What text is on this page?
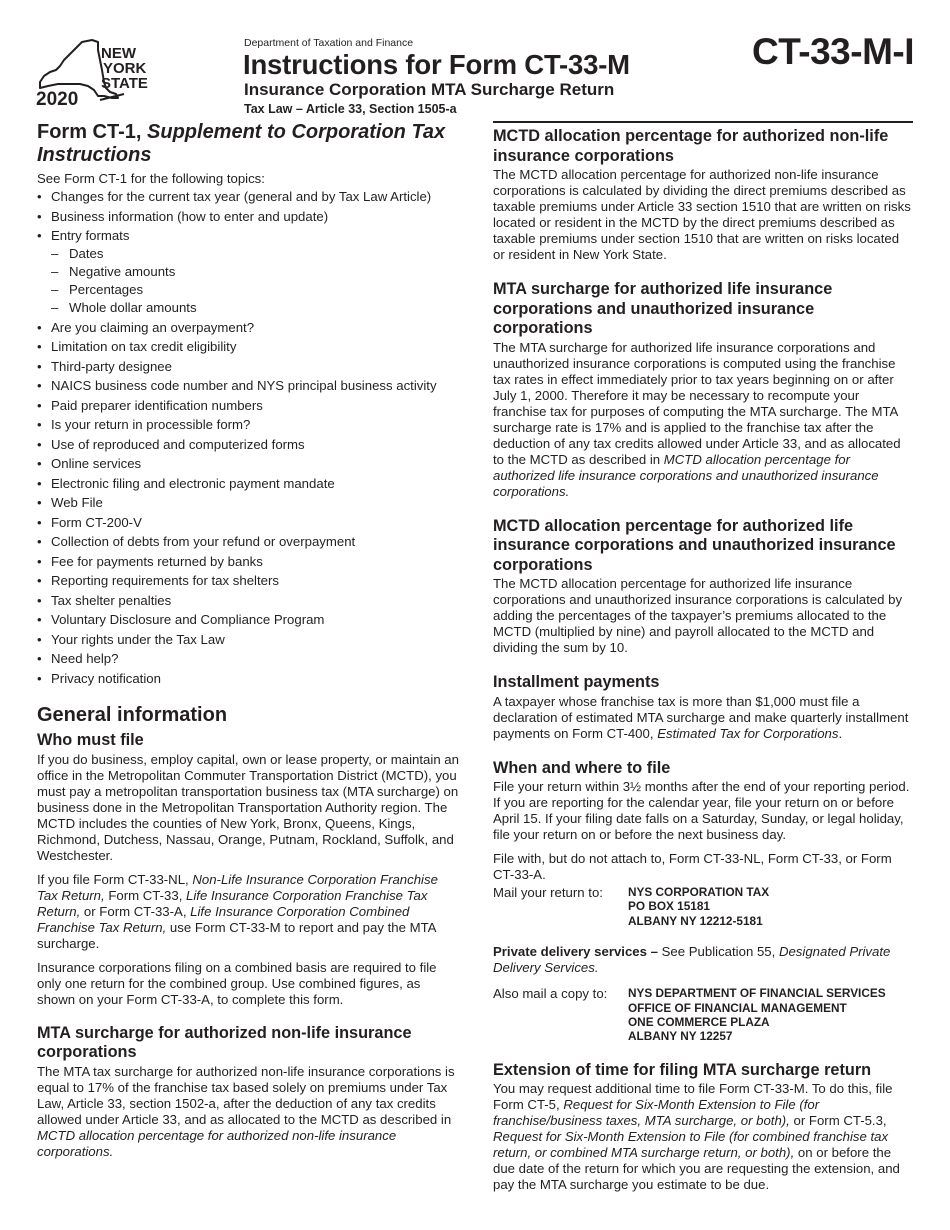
NEW
YORK
STATE
2020
Department of Taxation and Finance
Instructions for Form CT-33-M
Insurance Corporation MTA Surcharge Return
Tax Law – Article 33, Section 1505-a
CT-33-M-I
Form CT-1, Supplement to Corporation Tax Instructions

See Form CT-1 for the following topics:

• Changes for the current tax year (general and by Tax Law Article)
• Business information (how to enter and update)
• Entry formats
– Dates
– Negative amounts
– Percentages
– Whole dollar amounts
• Are you claiming an overpayment?
• Limitation on tax credit eligibility
• Third-party designee
• NAICS business code number and NYS principal business activity
• Paid preparer identification numbers
• Is your return in processible form?
• Use of reproduced and computerized forms
• Online services
• Electronic filing and electronic payment mandate
• Web File
• Form CT-200-V
• Collection of debts from your refund or overpayment
• Fee for payments returned by banks
• Reporting requirements for tax shelters
• Tax shelter penalties
• Voluntary Disclosure and Compliance Program
• Your rights under the Tax Law
• Need help?
• Privacy notification
General information
Who must file

If you do business, employ capital, own or lease property, or maintain an office in the Metropolitan Commuter Transportation District (MCTD), you must pay a metropolitan transportation business tax (MTA surcharge) on business done in the Metropolitan Transportation Authority region. The MCTD includes the counties of New York, Bronx, Queens, Kings, Richmond, Dutchess, Nassau, Orange, Putnam, Rockland, Suffolk, and Westchester.

If you file Form CT-33-NL, Non-Life Insurance Corporation Franchise Tax Return, Form CT-33, Life Insurance Corporation Franchise Tax Return, or Form CT-33-A, Life Insurance Corporation Combined Franchise Tax Return, use Form CT-33-M to report and pay the MTA surcharge.

Insurance corporations filing on a combined basis are required to file only one return for the combined group. Use combined figures, as shown on your Form CT-33-A, to complete this form.

MTA surcharge for authorized non-life insurance corporations

The MTA tax surcharge for authorized non-life insurance corporations is equal to 17% of the franchise tax based solely on premiums under Tax Law, Article 33, section 1502-a, after the deduction of any tax credits allowed under Article 33, and as allocated to the MCTD as described in MCTD allocation percentage for authorized non-life insurance corporations.

MCTD allocation percentage for authorized non-life insurance corporations

The MCTD allocation percentage for authorized non-life insurance corporations is calculated by dividing the direct premiums described as taxable premiums under Article 33 section 1510 that are written on risks located or resident in the MCTD by the direct premiums described as taxable premiums under section 1510 that are written on risks located or resident in New York State.

MTA surcharge for authorized life insurance corporations and unauthorized insurance corporations

The MTA surcharge for authorized life insurance corporations and unauthorized insurance corporations is computed using the franchise tax rates in effect immediately prior to tax years beginning on or after July 1, 2000. Therefore it may be necessary to recompute your franchise tax for purposes of computing the MTA surcharge. The MTA surcharge rate is 17% and is applied to the franchise tax after the deduction of any tax credits allowed under Article 33, and as allocated to the MCTD as described in MCTD allocation percentage for authorized life insurance corporations and unauthorized insurance corporations.

MCTD allocation percentage for authorized life insurance corporations and unauthorized insurance corporations

The MCTD allocation percentage for authorized life insurance corporations and unauthorized insurance corporations is calculated by adding the percentages of the taxpayer’s premiums allocated to the MCTD (multiplied by nine) and payroll allocated to the MCTD and dividing the sum by 10.

Installment payments

A taxpayer whose franchise tax is more than $1,000 must file a declaration of estimated MTA surcharge and make quarterly installment payments on Form CT-400, Estimated Tax for Corporations.

When and where to file

File your return within 3½ months after the end of your reporting period. If you are reporting for the calendar year, file your return on or before April 15. If your filing date falls on a Saturday, Sunday, or legal holiday, file your return on or before the next business day.

File with, but do not attach to, Form CT-33-NL, Form CT-33, or Form CT-33-A.

Mail your return to:	NYS CORPORATION TAX
PO BOX 15181
ALBANY NY 12212-5181

Private delivery services – See Publication 55, Designated Private Delivery Services.

Also mail a copy to:	NYS DEPARTMENT OF FINANCIAL SERVICES
OFFICE OF FINANCIAL MANAGEMENT
ONE COMMERCE PLAZA
ALBANY NY 12257
Extension of time for filing MTA surcharge return

You may request additional time to file Form CT-33-M. To do this, file Form CT-5, Request for Six-Month Extension to File (for franchise/business taxes, MTA surcharge, or both), or Form CT-5.3, Request for Six-Month Extension to File (for combined franchise tax return, or combined MTA surcharge return, or both), on or before the due date of the return for which you are requesting the extension, and pay the MTA surcharge you estimate to be due.
